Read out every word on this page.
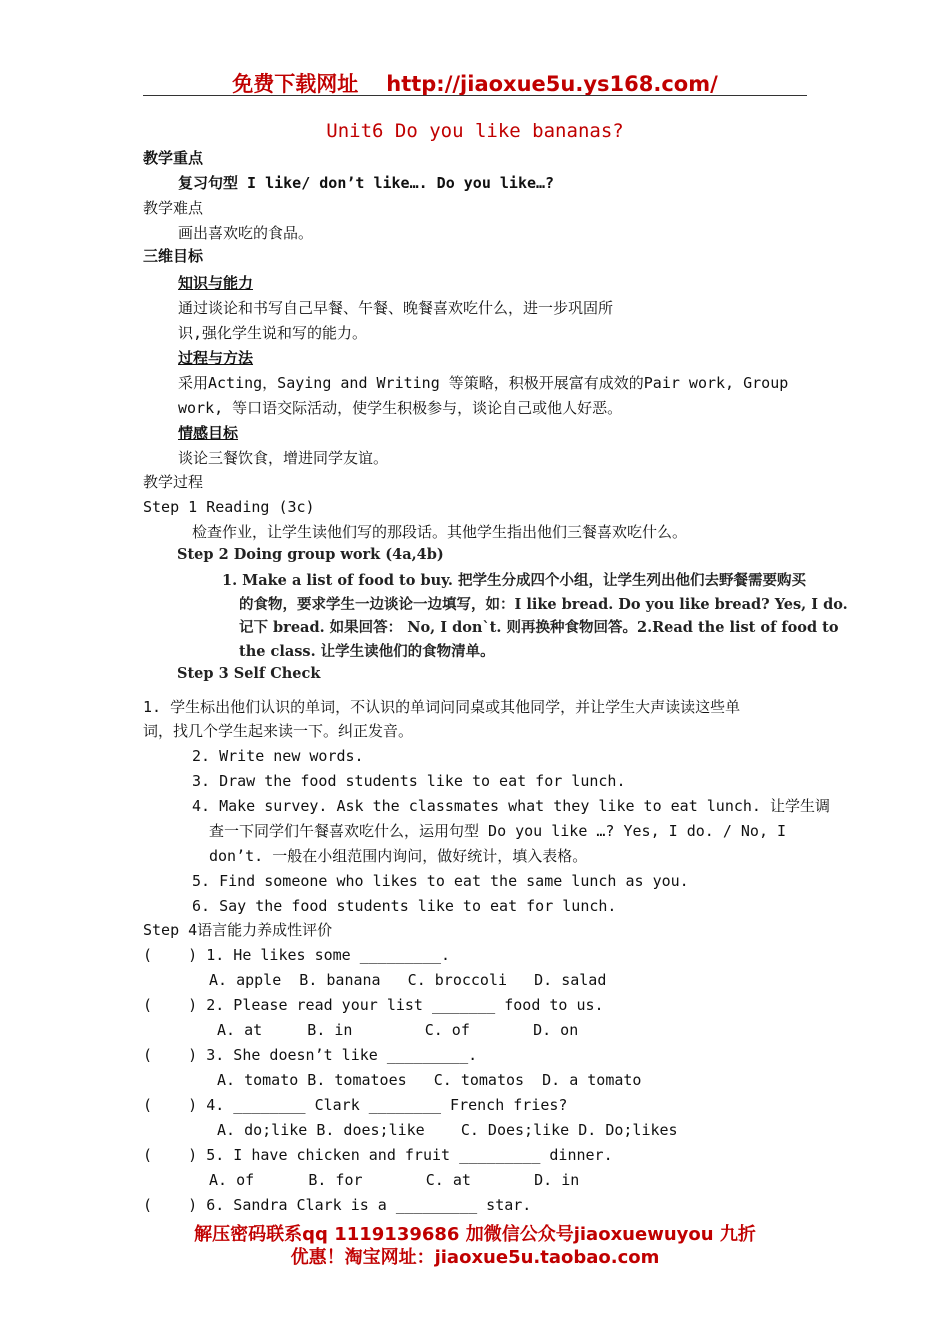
免费下载网址 http://jiaoxue5u.ys168.com/
Unit6 Do you like bananas?
教学重点
复习句型 I like/ don’t like…. Do you like…?
教学难点
画出喜欢吃的食品。
三维目标
知识与能力
通过谈论和书写自己早餐、午餐、晚餐喜欢吃什么，进一步巩固所
识,强化学生说和写的能力。
过程与方法
采用Acting，Saying and Writing 等策略，积极开展富有成效的Pair work, Group
work, 等口语交际活动，使学生积极参与，谈论自己或他人好恶。
情感目标
谈论三餐饮食，增进同学友谊。
教学过程
Step 1 Reading (3c)
检查作业，让学生读他们写的那段话。其他学生指出他们三餐喜欢吃什么。
Step 2 Doing group work (4a,4b)
1. Make a list of food to buy. 把学生分成四个小组，让学生列出他们去野餐需要购买
的食物，要求学生一边谈论一边填写，如：I like bread. Do you like bread? Yes, I do.
记下 bread. 如果回答： No, I don`t. 则再换种食物回答。2.Read the list of food to
the class. 让学生读他们的食物清单。
Step 3 Self Check
1. 学生标出他们认识的单词，不认识的单词问同桌或其他同学，并让学生大声读读这些单
词，找几个学生起来读一下。纠正发音。
2. Write new words.
3. Draw the food students like to eat for lunch.
4. Make survey. Ask the classmates what they like to eat lunch. 让学生调
查一下同学们午餐喜欢吃什么，运用句型 Do you like …? Yes, I do. / No, I
don’t. 一般在小组范围内询问，做好统计，填入表格。
5. Find someone who likes to eat the same lunch as you.
6. Say the food students like to eat for lunch.
Step 4语言能力养成性评价
(    ) 1. He likes some _________.
A. apple  B. banana   C. broccoli   D. salad
(    ) 2. Please read your list _______ food to us.
A. at     B. in        C. of       D. on
(    ) 3. She doesn’t like _________.
A. tomato B. tomatoes   C. tomatos  D. a tomato
(    ) 4. ________ Clark ________ French fries?
A. do;like B. does;like    C. Does;like D. Do;likes
(    ) 5. I have chicken and fruit _________ dinner.
A. of      B. for       C. at       D. in
(    ) 6. Sandra Clark is a _________ star.
解压密码联系qq 1119139686 加微信公众号jiaoxuewuyou 九折
优惠！淘宝网址：jiaoxue5u.taobao.com
